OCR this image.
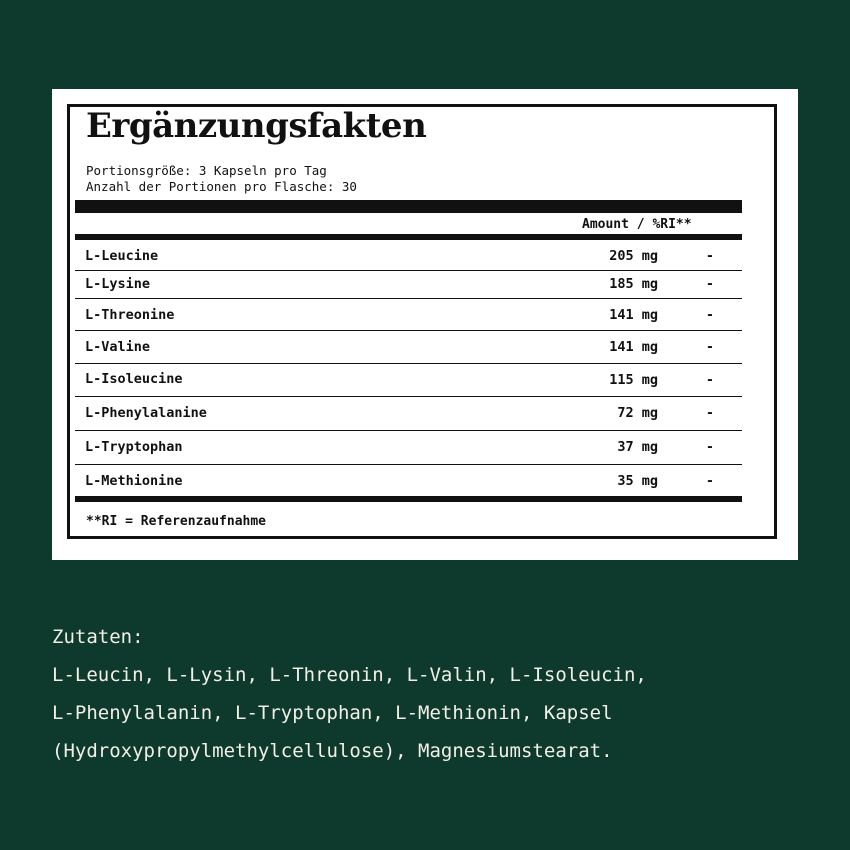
Ergänzungsfakten
Portionsgröße: 3 Kapseln pro Tag
Anzahl der Portionen pro Flasche: 30
Amount / %RI**
L-Leucine	205 mg	-
L-Lysine	185 mg	-
L-Threonine	141 mg	-
L-Valine	141 mg	-
L-Isoleucine	115 mg	-
L-Phenylalanine	72 mg	-
L-Tryptophan	37 mg	-
L-Methionine	35 mg	-
**RI = Referenzaufnahme
Zutaten:
L-Leucin, L-Lysin, L-Threonin, L-Valin, L-Isoleucin,
L-Phenylalanin, L-Tryptophan, L-Methionin, Kapsel
(Hydroxypropylmethylcellulose), Magnesiumstearat.
